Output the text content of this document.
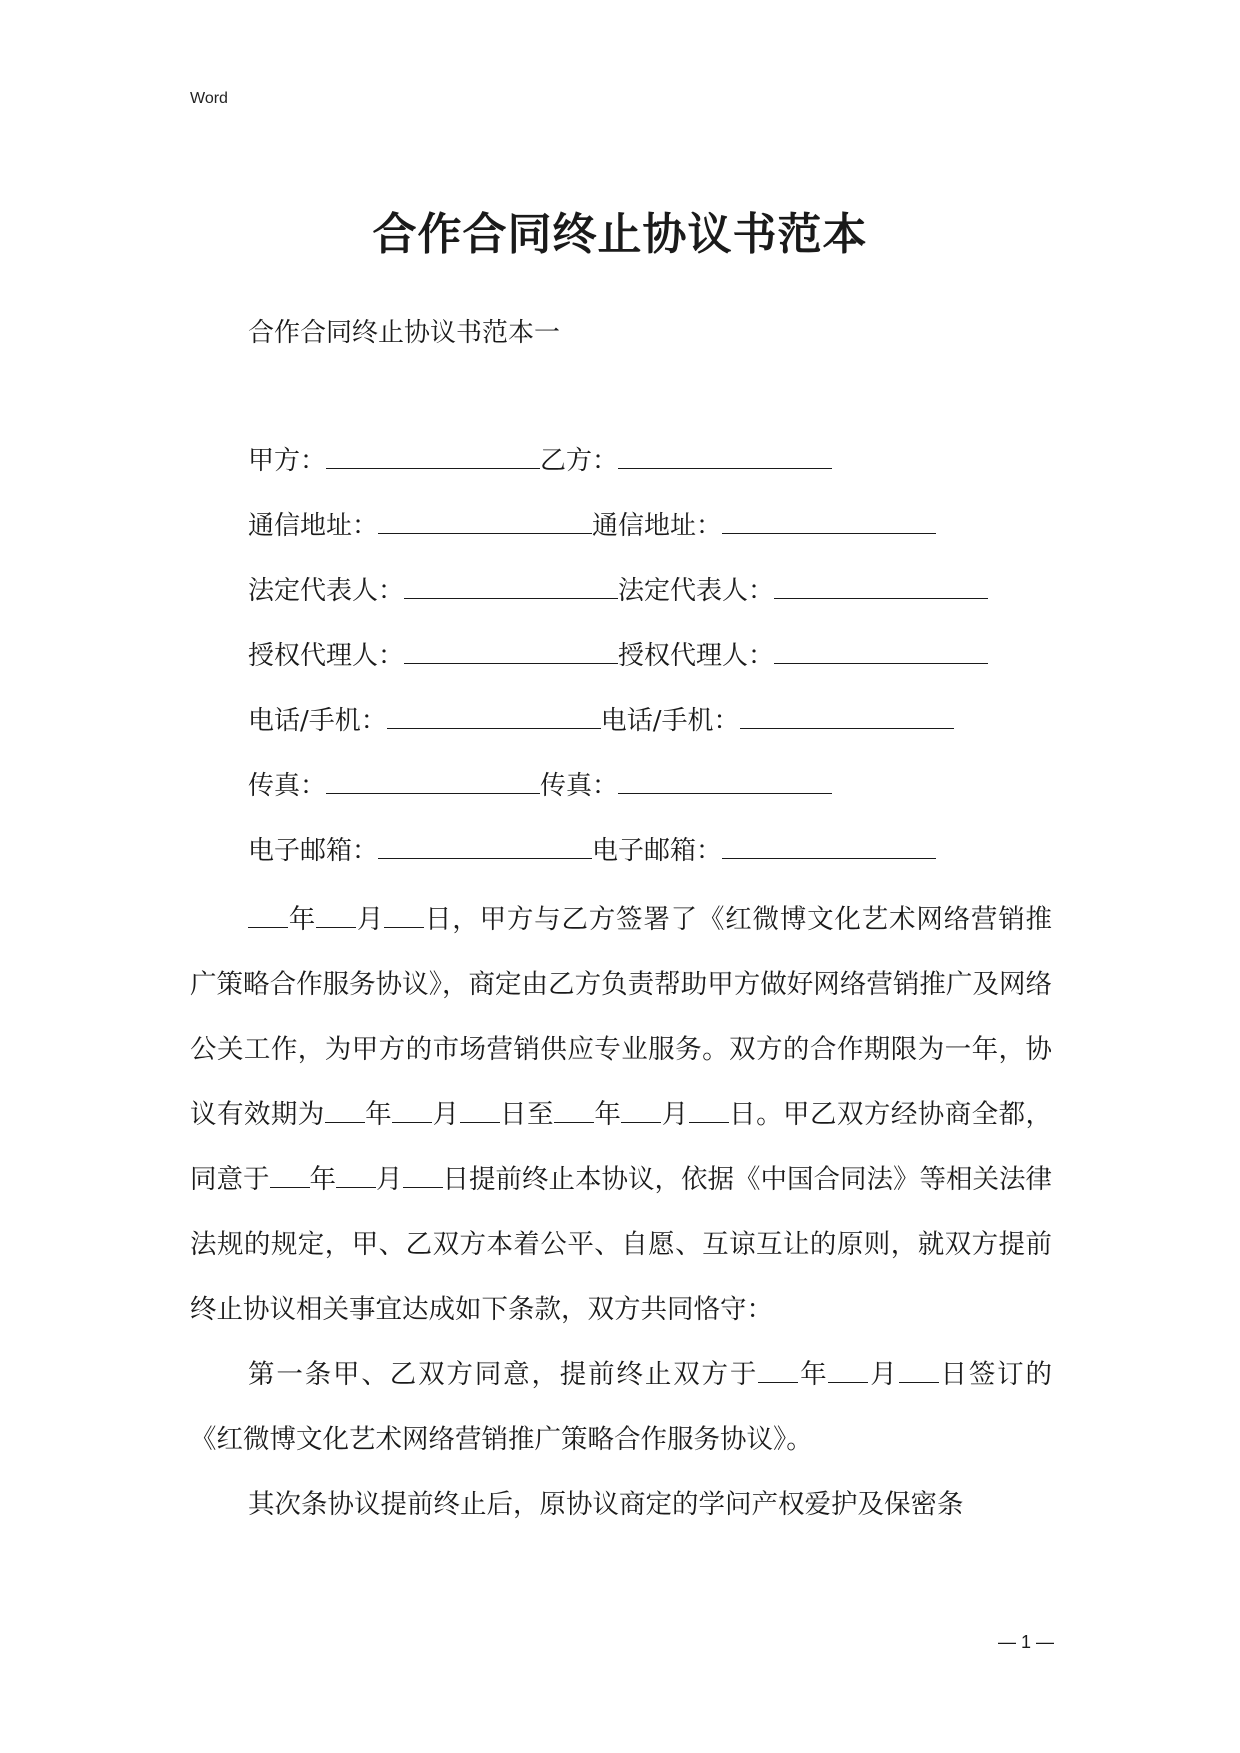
Word
合作合同终止协议书范本

合作合同终止协议书范本一

甲方：	乙方：
通信地址：	通信地址：
法定代表人：	法定代表人：
授权代理人：	授权代理人：
电话/手机：	电话/手机：
传真：	传真：
电子邮箱：	电子邮箱：

年 月 日，甲方与乙方签署了《红微博文化艺术网络营销推广策略合作服务协议》，商定由乙方负责帮助甲方做好网络营销推广及网络公关工作，为甲方的市场营销供应专业服务。双方的合作期限为一年，协议有效期为 年 月 日至 年 月 日。甲乙双方经协商全都，同意于 年 月 日提前终止本协议，依据《中国合同法》等相关法律法规的规定，甲、乙双方本着公平、自愿、互谅互让的原则，就双方提前终止协议相关事宜达成如下条款，双方共同恪守：

第一条甲、乙双方同意，提前终止双方于 年 月 日签订的《红微博文化艺术网络营销推广策略合作服务协议》。

其次条协议提前终止后，原协议商定的学问产权爱护及保密条

— 1 —
